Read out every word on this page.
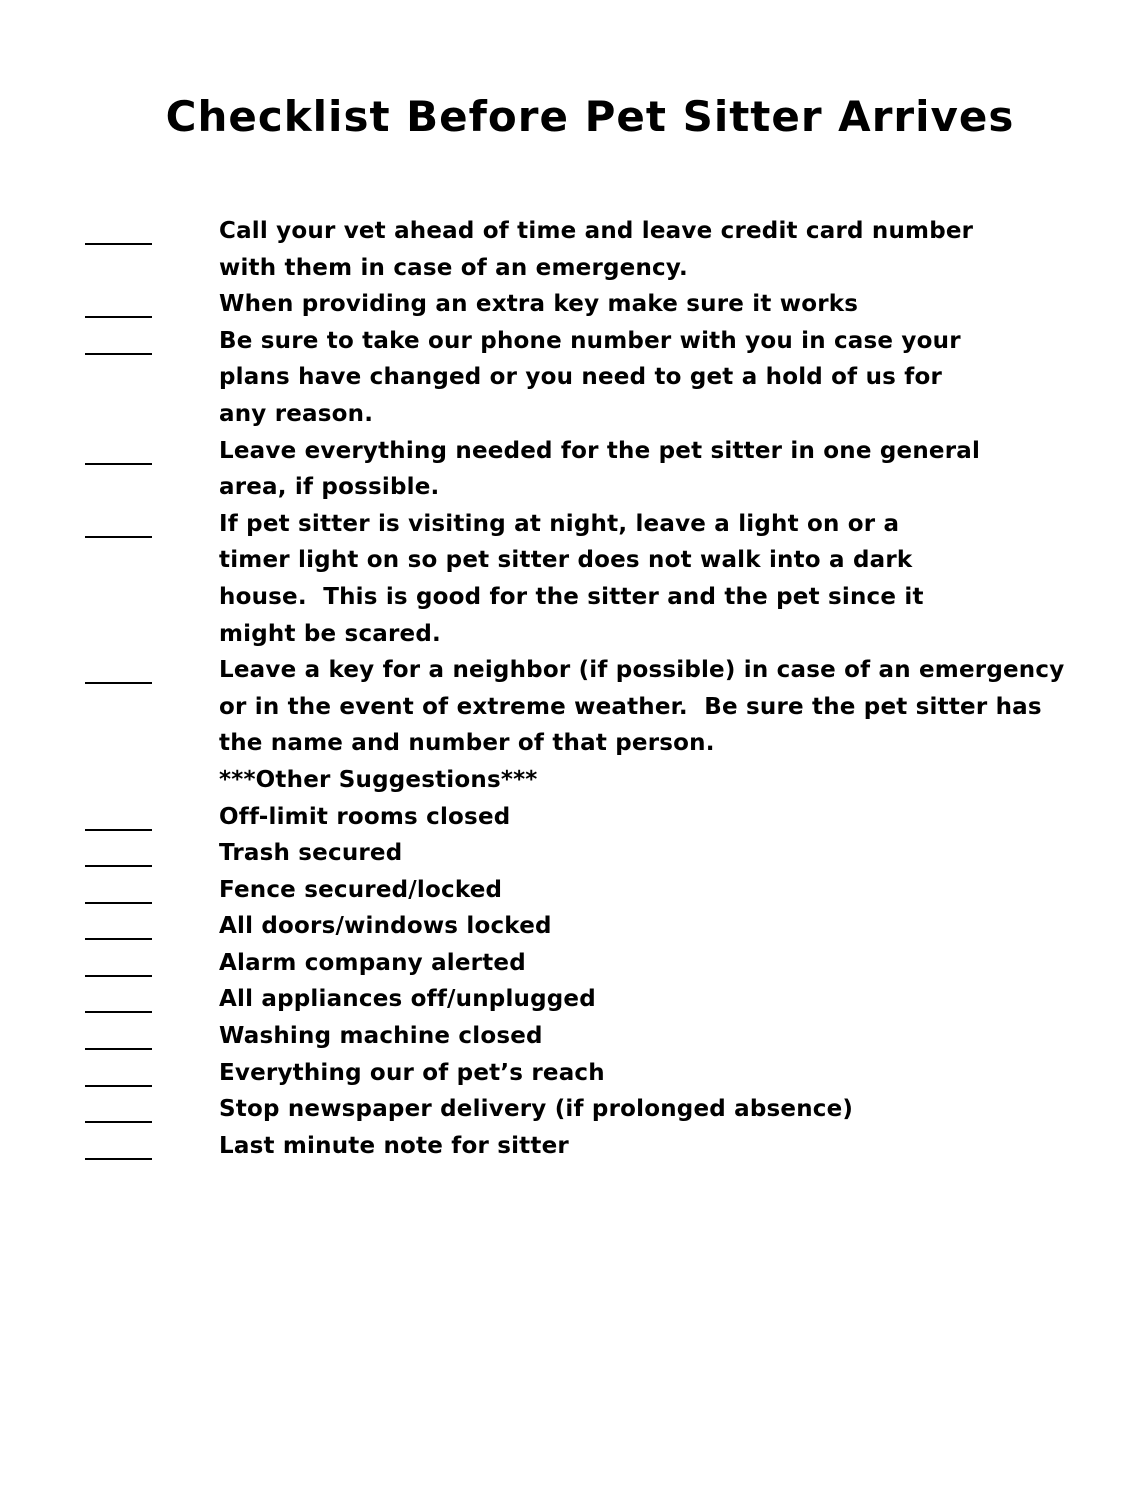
Checklist Before Pet Sitter Arrives
Call your vet ahead of time and leave credit card number
with them in case of an emergency.
When providing an extra key make sure it works
Be sure to take our phone number with you in case your
plans have changed or you need to get a hold of us for
any reason.
Leave everything needed for the pet sitter in one general
area, if possible.
If pet sitter is visiting at night, leave a light on or a
timer light on so pet sitter does not walk into a dark
house.  This is good for the sitter and the pet since it
might be scared.
Leave a key for a neighbor (if possible) in case of an emergency
or in the event of extreme weather.  Be sure the pet sitter has
the name and number of that person.
***Other Suggestions***
Off-limit rooms closed
Trash secured
Fence secured/locked
All doors/windows locked
Alarm company alerted
All appliances off/unplugged
Washing machine closed
Everything our of pet’s reach
Stop newspaper delivery (if prolonged absence)
Last minute note for sitter
